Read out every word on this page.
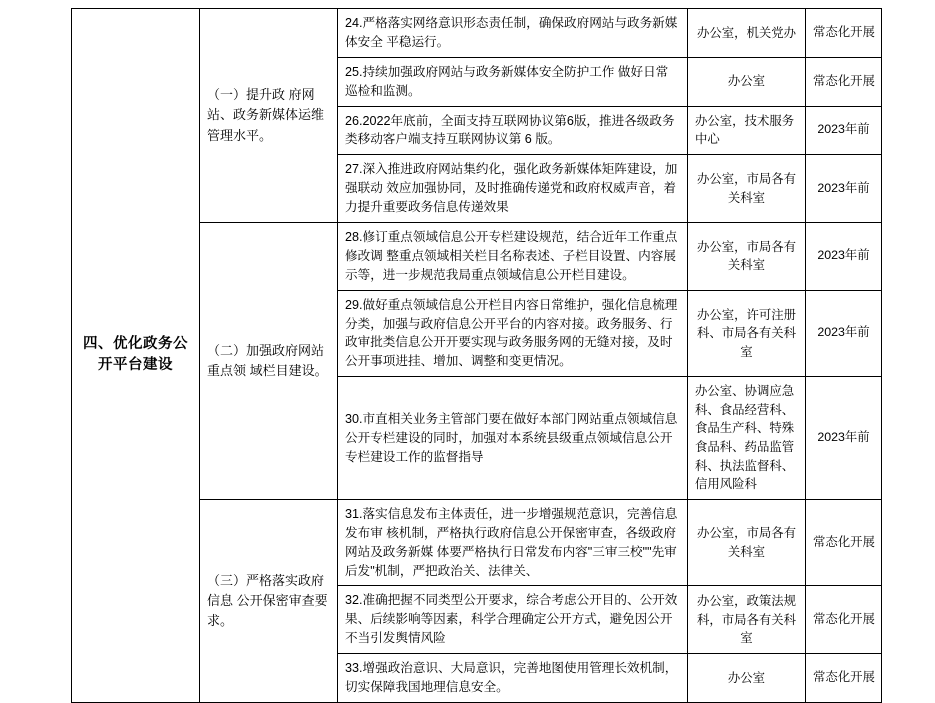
四、优化政务公开平台建设	（一）提升政 府网站、政务新媒体运维管理水平。	24.严格落实网络意识形态责任制，确保政府网站与政务新媒体安全 平稳运行。	办公室，机关党办	常态化开展
		25.持续加强政府网站与政务新媒体安全防护工作 做好日常巡检和监测。	办公室	常态化开展
		26.2022年底前，全面支持互联网协议第6版，推进各级政务类移动客户端支持互联网协议第 6 版。	办公室，技术服务中心	2023年前
		27.深入推进政府网站集约化，强化政务新媒体矩阵建设，加强联动 效应加强协同，及时推确传递党和政府权威声音，着力提升重要政务信息传递效果	办公室，市局各有关科室	2023年前
	（二）加强政府网站重点领 域栏目建设。	28.修订重点领域信息公开专栏建设规范，结合近年工作重点修改调 整重点领域相关栏目名称表述、子栏目设置、内容展示等，进一步规范我局重点领域信息公开栏目建设。	办公室，市局各有关科室	2023年前
		29.做好重点领域信息公开栏目内容日常维护，强化信息梳理分类，加强与政府信息公开平台的内容对接。政务服务、行政审批类信息公开开要实现与政务服务网的无缝对接，及时公开事项进挂、增加、调整和变更情况。	办公室，许可注册科、市局各有关科室	2023年前
		30.市直相关业务主管部门要在做好本部门网站重点领域信息公开专栏建设的同时，加强对本系统县级重点领域信息公开专栏建设工作的监督指导	办公室、协调应急科、食品经营科、食品生产科、特殊食品科、药品监管科、执法监督科、信用风险科	2023年前
	（三）严格落实政府信息 公开保密审查要求。	31.落实信息发布主体责任，进一步增强规范意识，完善信息发布审 核机制，严格执行政府信息公开保密审查，各级政府网站及政务新媒 体要严格执行日常发布内容"三审三校""先审后发"机制，严把政治关、法律关、	办公室，市局各有关科室	常态化开展
		32.准确把握不同类型公开要求，综合考虑公开目的、公开效果、后续影响等因素，科学合理确定公开方式，避免因公开不当引发舆情风险	办公室，政策法规科，市局各有关科室	常态化开展
		33.增强政治意识、大局意识，完善地图使用管理长效机制，切实保障我国地理信息安全。	办公室	常态化开展
